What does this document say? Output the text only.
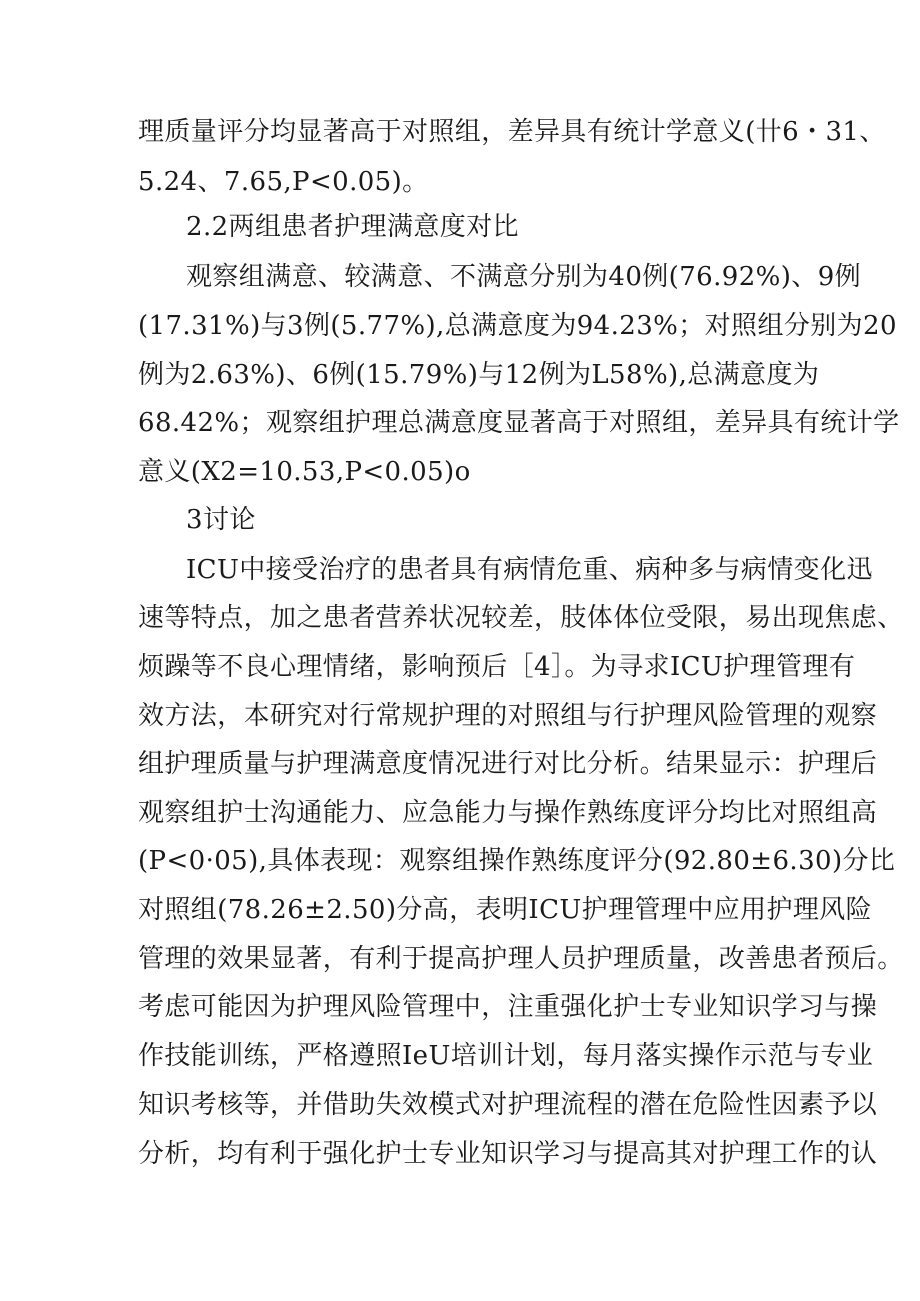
理质量评分均显著高于对照组，差异具有统计学意义(卄6・31、
5.24、7.65,P<0.05)。
2.2两组患者护理满意度对比
观察组满意、较满意、不满意分别为40例(76.92%)、9例
(17.31%)与3例(5.77%),总满意度为94.23%；对照组分别为20
例为2.63%)、6例(15.79%)与12例为L58%),总满意度为
68.42%；观察组护理总满意度显著高于对照组，差异具有统计学
意义(X2=10.53,P<0.05)o
3讨论
ICU中接受治疗的患者具有病情危重、病种多与病情变化迅
速等特点，加之患者营养状况较差，肢体体位受限，易出现焦虑、
烦躁等不良心理情绪，影响预后［4］。为寻求ICU护理管理有
效方法，本研究对行常规护理的对照组与行护理风险管理的观察
组护理质量与护理满意度情况进行对比分析。结果显示：护理后
观察组护士沟通能力、应急能力与操作熟练度评分均比对照组高
(P<0·05),具体表现：观察组操作熟练度评分(92.80±6.30)分比
对照组(78.26±2.50)分高，表明ICU护理管理中应用护理风险
管理的效果显著，有利于提高护理人员护理质量，改善患者预后。
考虑可能因为护理风险管理中，注重强化护士专业知识学习与操
作技能训练，严格遵照IeU培训计划，每月落实操作示范与专业
知识考核等，并借助失效模式对护理流程的潜在危险性因素予以
分析，均有利于强化护士专业知识学习与提高其对护理工作的认
